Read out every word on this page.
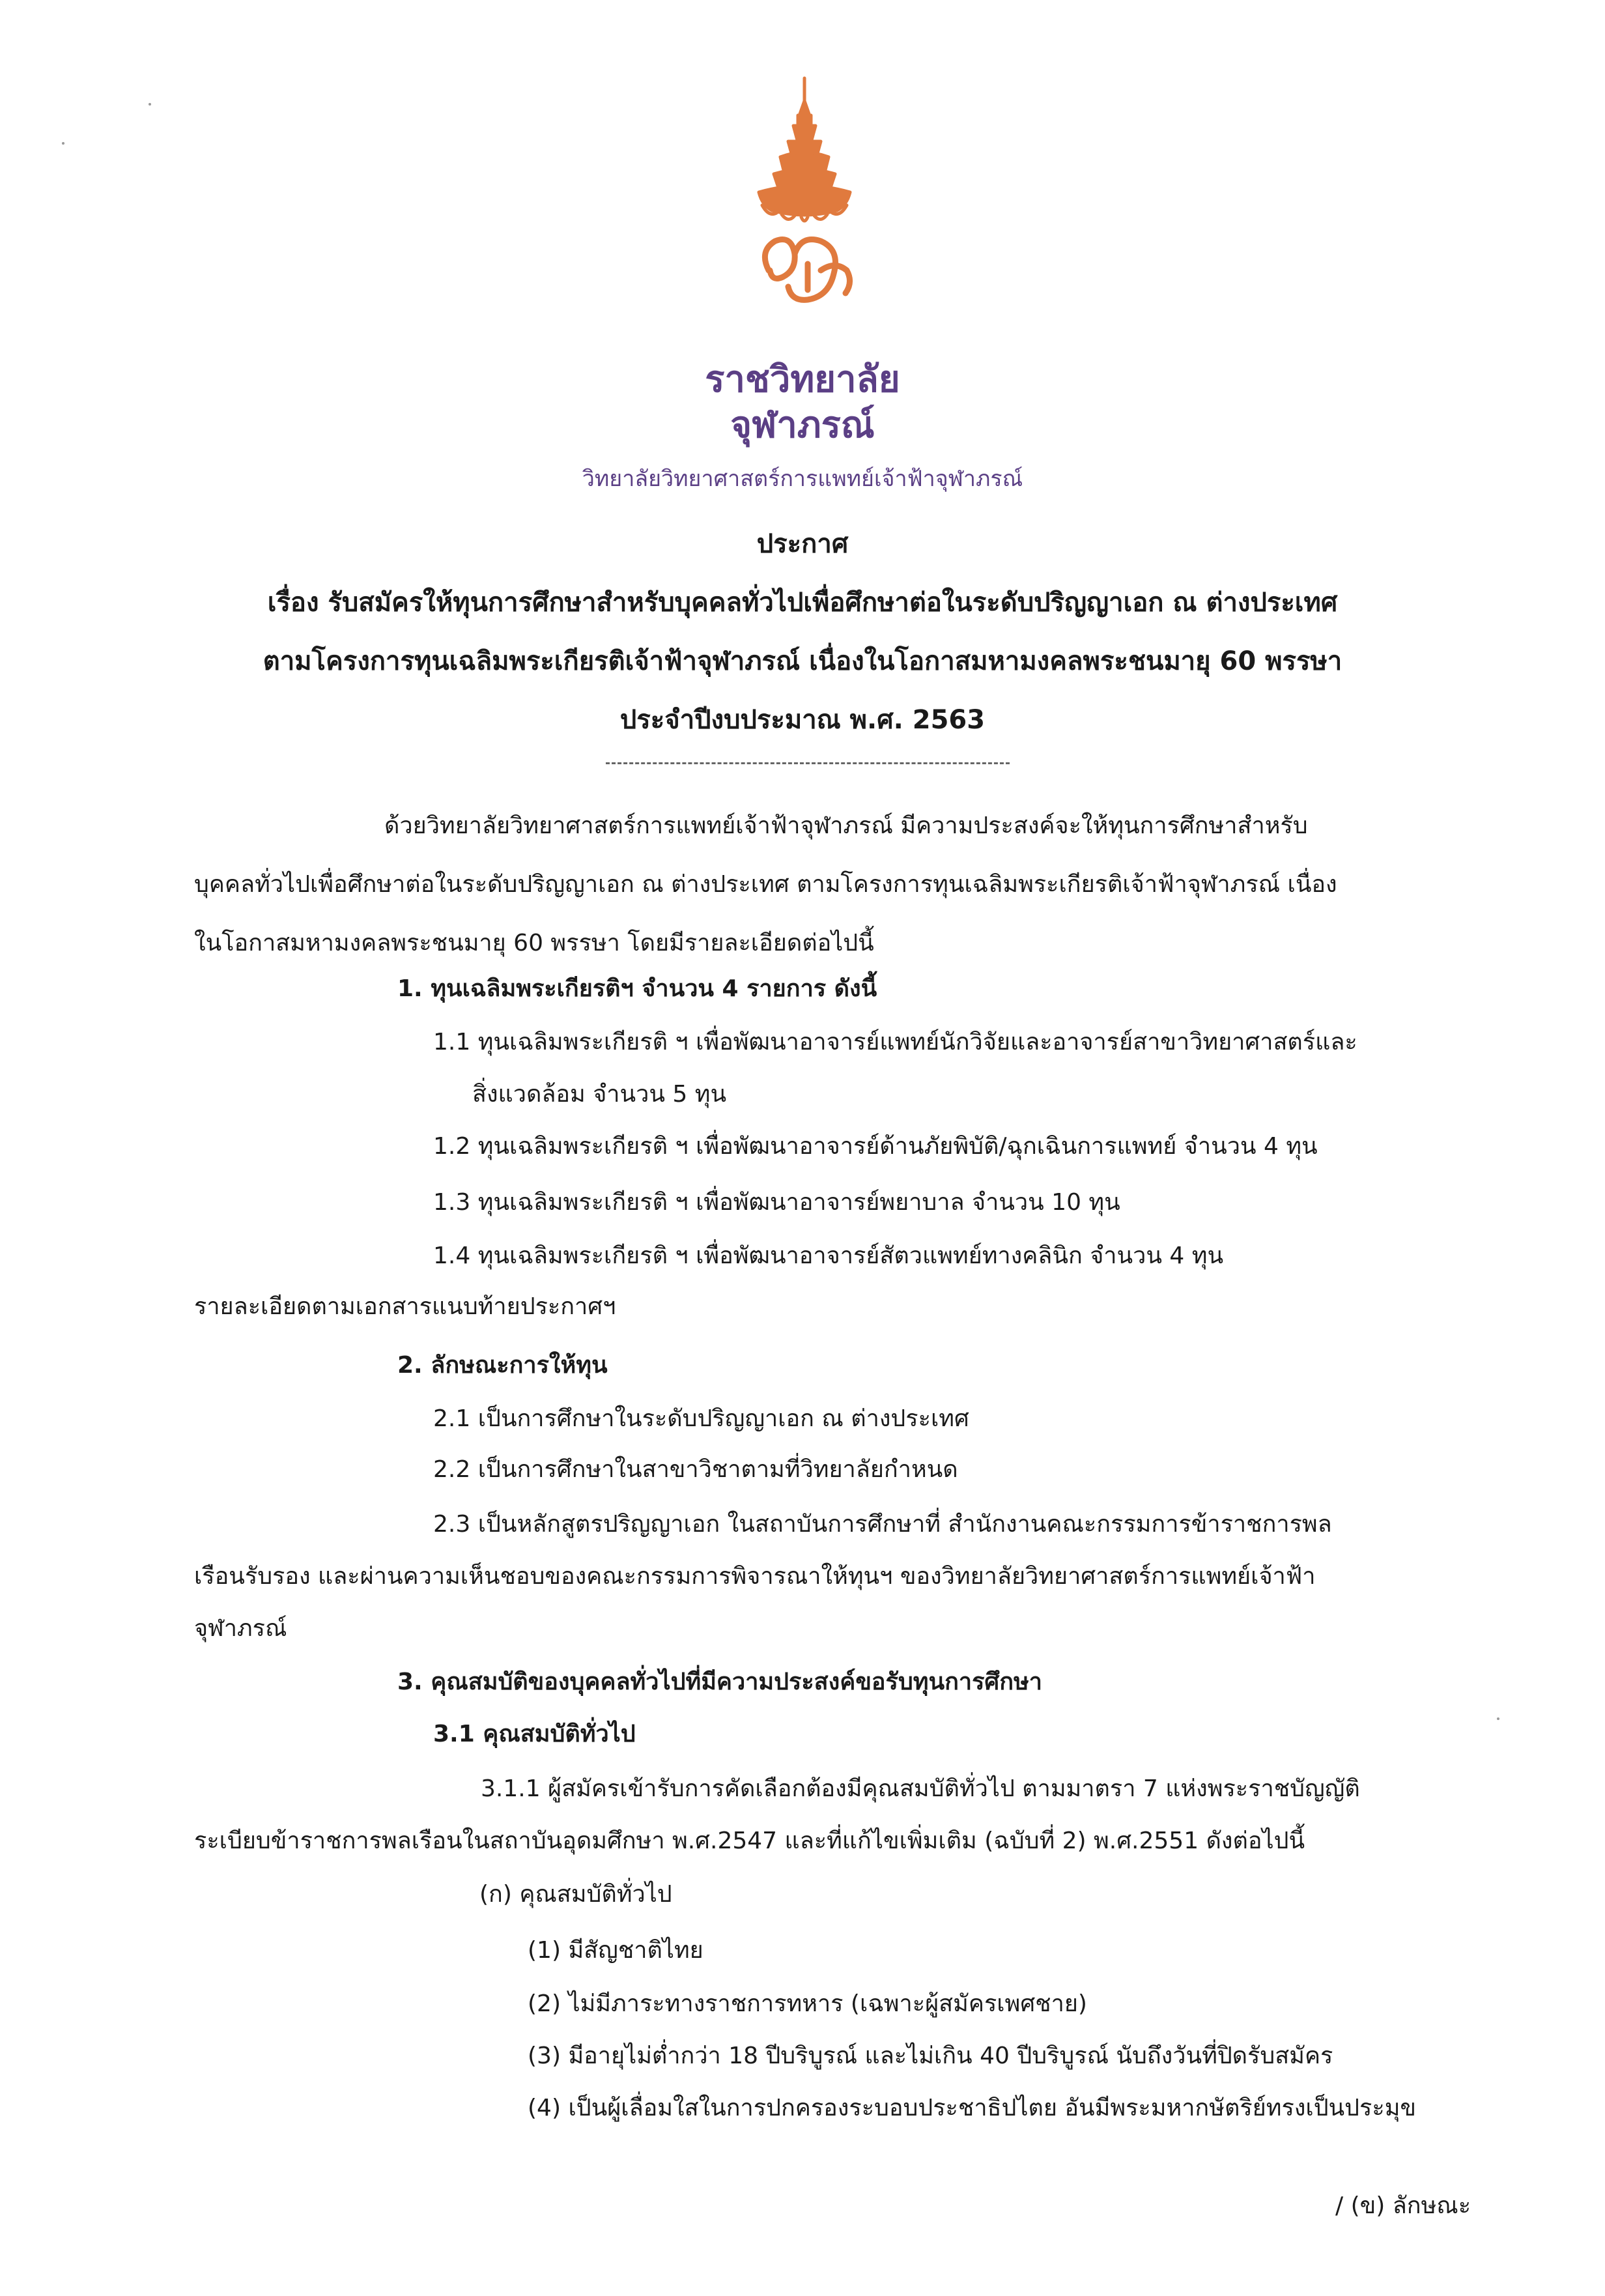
ราชวิทยาลัย
จุฬาภรณ์
วิทยาลัยวิทยาศาสตร์การแพทย์เจ้าฟ้าจุฬาภรณ์
ประกาศ
เรื่อง รับสมัครให้ทุนการศึกษาสำหรับบุคคลทั่วไปเพื่อศึกษาต่อในระดับปริญญาเอก ณ ต่างประเทศ
ตามโครงการทุนเฉลิมพระเกียรติเจ้าฟ้าจุฬาภรณ์ เนื่องในโอกาสมหามงคลพระชนมายุ 60 พรรษา
ประจำปีงบประมาณ พ.ศ. 2563
ด้วยวิทยาลัยวิทยาศาสตร์การแพทย์เจ้าฟ้าจุฬาภรณ์ มีความประสงค์จะให้ทุนการศึกษาสำหรับ
บุคคลทั่วไปเพื่อศึกษาต่อในระดับปริญญาเอก ณ ต่างประเทศ ตามโครงการทุนเฉลิมพระเกียรติเจ้าฟ้าจุฬาภรณ์ เนื่อง
ในโอกาสมหามงคลพระชนมายุ 60 พรรษา โดยมีรายละเอียดต่อไปนี้
1. ทุนเฉลิมพระเกียรติฯ จำนวน 4 รายการ ดังนี้
1.1 ทุนเฉลิมพระเกียรติ ฯ เพื่อพัฒนาอาจารย์แพทย์นักวิจัยและอาจารย์สาขาวิทยาศาสตร์และ
สิ่งแวดล้อม จำนวน 5 ทุน
1.2 ทุนเฉลิมพระเกียรติ ฯ เพื่อพัฒนาอาจารย์ด้านภัยพิบัติ/ฉุกเฉินการแพทย์ จำนวน 4 ทุน
1.3 ทุนเฉลิมพระเกียรติ ฯ เพื่อพัฒนาอาจารย์พยาบาล จำนวน 10 ทุน
1.4 ทุนเฉลิมพระเกียรติ ฯ เพื่อพัฒนาอาจารย์สัตวแพทย์ทางคลินิก จำนวน 4 ทุน
รายละเอียดตามเอกสารแนบท้ายประกาศฯ
2. ลักษณะการให้ทุน
2.1 เป็นการศึกษาในระดับปริญญาเอก ณ ต่างประเทศ
2.2 เป็นการศึกษาในสาขาวิชาตามที่วิทยาลัยกำหนด
2.3 เป็นหลักสูตรปริญญาเอก ในสถาบันการศึกษาที่ สำนักงานคณะกรรมการข้าราชการพล
เรือนรับรอง และผ่านความเห็นชอบของคณะกรรมการพิจารณาให้ทุนฯ ของวิทยาลัยวิทยาศาสตร์การแพทย์เจ้าฟ้า
จุฬาภรณ์
3. คุณสมบัติของบุคคลทั่วไปที่มีความประสงค์ขอรับทุนการศึกษา
3.1 คุณสมบัติทั่วไป
3.1.1 ผู้สมัครเข้ารับการคัดเลือกต้องมีคุณสมบัติทั่วไป ตามมาตรา 7 แห่งพระราชบัญญัติ
ระเบียบข้าราชการพลเรือนในสถาบันอุดมศึกษา พ.ศ.2547 และที่แก้ไขเพิ่มเติม (ฉบับที่ 2) พ.ศ.2551 ดังต่อไปนี้
(ก) คุณสมบัติทั่วไป
(1) มีสัญชาติไทย
(2) ไม่มีภาระทางราชการทหาร (เฉพาะผู้สมัครเพศชาย)
(3) มีอายุไม่ต่ำกว่า 18 ปีบริบูรณ์ และไม่เกิน 40 ปีบริบูรณ์ นับถึงวันที่ปิดรับสมัคร
(4) เป็นผู้เลื่อมใสในการปกครองระบอบประชาธิปไตย อันมีพระมหากษัตริย์ทรงเป็นประมุข
/ (ข) ลักษณะ
